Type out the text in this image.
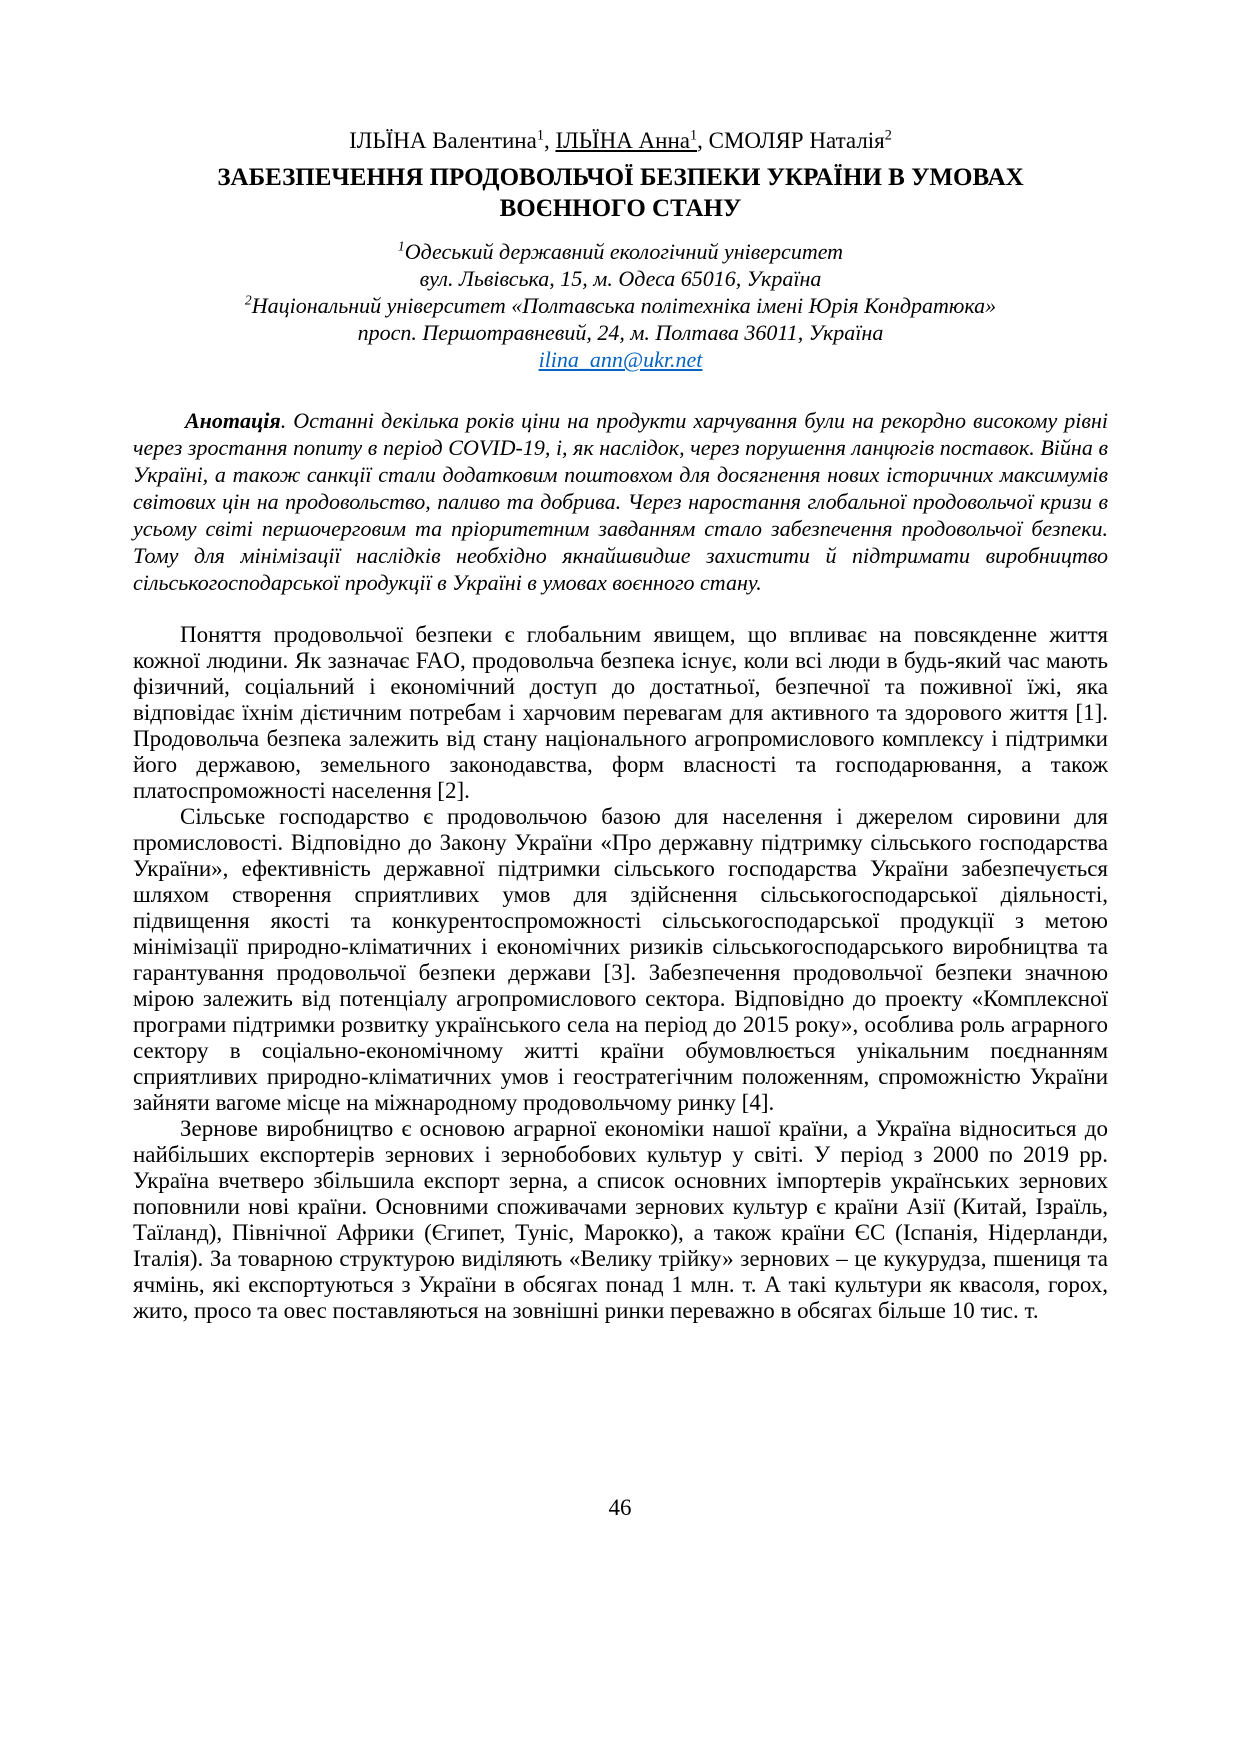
ІЛЬЇНА Валентина$^1$, ІЛЬЇНА Анна$^1$, СМОЛЯР Наталія$^2$

ЗАБЕЗПЕЧЕННЯ ПРОДОВОЛЬЧОЇ БЕЗПЕКИ УКРАЇНИ В УМОВАХ
ВОЄННОГО СТАНУ
$^1$Одеський державний екологічний університет
вул. Львівська, 15, м. Одеса 65016, Україна
$^2$Національний університет «Полтавська політехніка імені Юрія Кондратюка»
просп. Першотравневий, 24, м. Полтава 36011, Україна
ilina_ann@ukr.net

Анотація. Останні декілька років ціни на продукти харчування були на рекордно високому рівні через зростання попиту в період COVID-19, і, як наслідок, через порушення ланцюгів поставок. Війна в Україні, а також санкції стали додатковим поштовхом для досягнення нових історичних максимумів світових цін на продовольство, паливо та добрива. Через наростання глобальної продовольчої кризи в усьому світі першочерговим та пріоритетним завданням стало забезпечення продовольчої безпеки. Тому для мінімізації наслідків необхідно якнайшвидше захистити й підтримати виробництво сільськогосподарської продукції в Україні в умовах воєнного стану.

Поняття продовольчої безпеки є глобальним явищем, що впливає на повсякденне життя кожної людини. Як зазначає FAO, продовольча безпека існує, коли всі люди в будь-який час мають фізичний, соціальний і економічний доступ до достатньої, безпечної та поживної їжі, яка відповідає їхнім дієтичним потребам і харчовим перевагам для активного та здорового життя [1]. Продовольча безпека залежить від стану національного агропромислового комплексу і підтримки його державою, земельного законодавства, форм власності та господарювання, а також платоспроможності населення [2].

Сільське господарство є продовольчою базою для населення і джерелом сировини для промисловості. Відповідно до Закону України «Про державну підтримку сільського господарства України», ефективність державної підтримки сільського господарства України забезпечується шляхом створення сприятливих умов для здійснення сільськогосподарської діяльності, підвищення якості та конкурентоспроможності сільськогосподарської продукції з метою мінімізації природно-кліматичних і економічних ризиків сільськогосподарського виробництва та гарантування продовольчої безпеки держави [3]. Забезпечення продовольчої безпеки значною мірою залежить від потенціалу агропромислового сектора. Відповідно до проекту «Комплексної програми підтримки розвитку українського села на період до 2015 року», особлива роль аграрного сектору в соціально-економічному житті країни обумовлюється унікальним поєднанням сприятливих природно-кліматичних умов і геостратегічним положенням, спроможністю України зайняти вагоме місце на міжнародному продовольчому ринку [4].

Зернове виробництво є основою аграрної економіки нашої країни, а Україна відноситься до найбільших експортерів зернових і зернобобових культур у світі. У період з 2000 по 2019 рр. Україна вчетверо збільшила експорт зерна, а список основних імпортерів українських зернових поповнили нові країни. Основними споживачами зернових культур є країни Азії (Китай, Ізраїль, Таїланд), Північної Африки (Єгипет, Туніс, Марокко), а також країни ЄС (Іспанія, Нідерланди, Італія). За товарною структурою виділяють «Велику трійку» зернових – це кукурудза, пшениця та ячмінь, які експортуються з України в обсягах понад 1 млн. т. А такі культури як квасоля, горох, жито, просо та овес поставляються на зовнішні ринки переважно в обсягах більше 10 тис. т.

46
